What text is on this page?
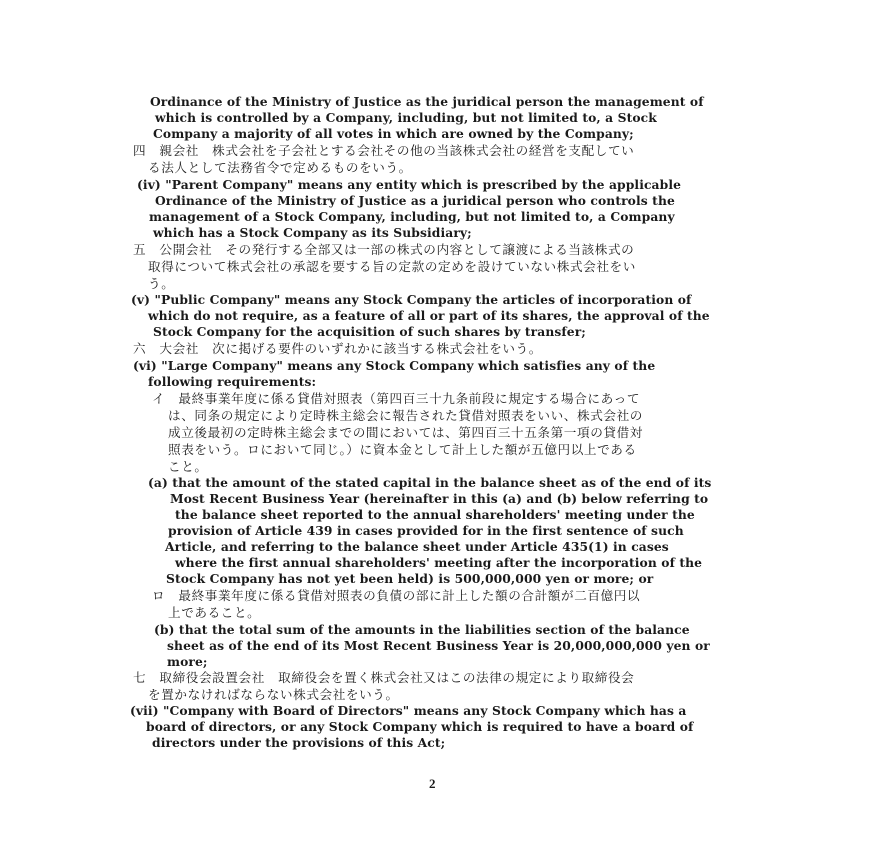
Ordinance of the Ministry of Justice as the juridical person the management of
which is controlled by a Company, including, but not limited to, a Stock
Company a majority of all votes in which are owned by the Company;
四　親会社　株式会社を子会社とする会社その他の当該株式会社の経営を支配してい
る法人として法務省令で定めるものをいう。
(iv) "Parent Company" means any entity which is prescribed by the applicable
Ordinance of the Ministry of Justice as a juridical person who controls the
management of a Stock Company, including, but not limited to, a Company
which has a Stock Company as its Subsidiary;
五　公開会社　その発行する全部又は一部の株式の内容として譲渡による当該株式の
取得について株式会社の承認を要する旨の定款の定めを設けていない株式会社をい
う。
(v) "Public Company" means any Stock Company the articles of incorporation of
which do not require, as a feature of all or part of its shares, the approval of the
Stock Company for the acquisition of such shares by transfer;
六　大会社　次に掲げる要件のいずれかに該当する株式会社をいう。
(vi) "Large Company" means any Stock Company which satisfies any of the
following requirements:
イ　最終事業年度に係る貸借対照表（第四百三十九条前段に規定する場合にあって
は、同条の規定により定時株主総会に報告された貸借対照表をいい、株式会社の
成立後最初の定時株主総会までの間においては、第四百三十五条第一項の貸借対
照表をいう。ロにおいて同じ。）に資本金として計上した額が五億円以上である
こと。
(a) that the amount of the stated capital in the balance sheet as of the end of its
Most Recent Business Year (hereinafter in this (a) and (b) below referring to
the balance sheet reported to the annual shareholders' meeting under the
provision of Article 439 in cases provided for in the first sentence of such
Article, and referring to the balance sheet under Article 435(1) in cases
where the first annual shareholders' meeting after the incorporation of the
Stock Company has not yet been held) is 500,000,000 yen or more; or
ロ　最終事業年度に係る貸借対照表の負債の部に計上した額の合計額が二百億円以
上であること。
(b) that the total sum of the amounts in the liabilities section of the balance
sheet as of the end of its Most Recent Business Year is 20,000,000,000 yen or
more;
七　取締役会設置会社　取締役会を置く株式会社又はこの法律の規定により取締役会
を置かなければならない株式会社をいう。
(vii) "Company with Board of Directors" means any Stock Company which has a
board of directors, or any Stock Company which is required to have a board of
directors under the provisions of this Act;
2
